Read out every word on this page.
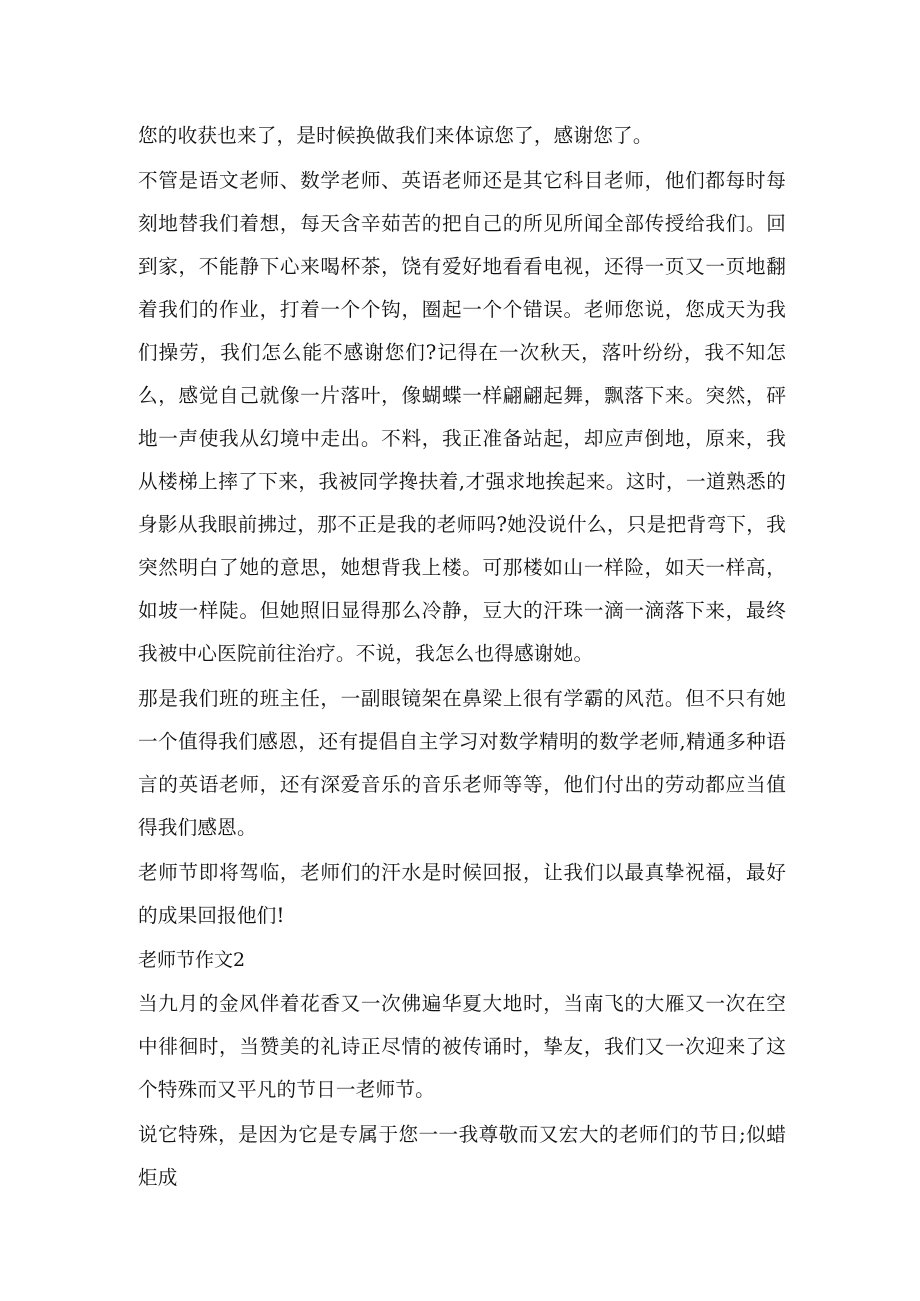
您的收获也来了，是时候换做我们来体谅您了，感谢您了。

不管是语文老师、数学老师、英语老师还是其它科目老师，他们都每时每刻地替我们着想，每天含辛茹苦的把自己的所见所闻全部传授给我们。回到家，不能静下心来喝杯茶，饶有爱好地看看电视，还得一页又一页地翻着我们的作业，打着一个个钩，圈起一个个错误。老师您说，您成天为我们操劳，我们怎么能不感谢您们?记得在一次秋天，落叶纷纷，我不知怎么，感觉自己就像一片落叶，像蝴蝶一样翩翩起舞，飘落下来。突然，砰地一声使我从幻境中走出。不料，我正准备站起，却应声倒地，原来，我从楼梯上摔了下来，我被同学搀扶着,才强求地挨起来。这时，一道熟悉的身影从我眼前拂过，那不正是我的老师吗?她没说什么，只是把背弯下，我突然明白了她的意思，她想背我上楼。可那楼如山一样险，如天一样高，如坡一样陡。但她照旧显得那么冷静，豆大的汗珠一滴一滴落下来，最终我被中心医院前往治疗。不说，我怎么也得感谢她。

那是我们班的班主任，一副眼镜架在鼻梁上很有学霸的风范。但不只有她一个值得我们感恩，还有提倡自主学习对数学精明的数学老师,精通多种语言的英语老师，还有深爱音乐的音乐老师等等，他们付出的劳动都应当值得我们感恩。

老师节即将驾临，老师们的汗水是时候回报，让我们以最真挚祝福，最好的成果回报他们!

老师节作文2

当九月的金风伴着花香又一次佛遍华夏大地时，当南飞的大雁又一次在空中徘徊时，当赞美的礼诗正尽情的被传诵时，挚友，我们又一次迎来了这个特殊而又平凡的节日一老师节。

说它特殊，是因为它是专属于您一一我尊敬而又宏大的老师们的节日;似蜡炬成
